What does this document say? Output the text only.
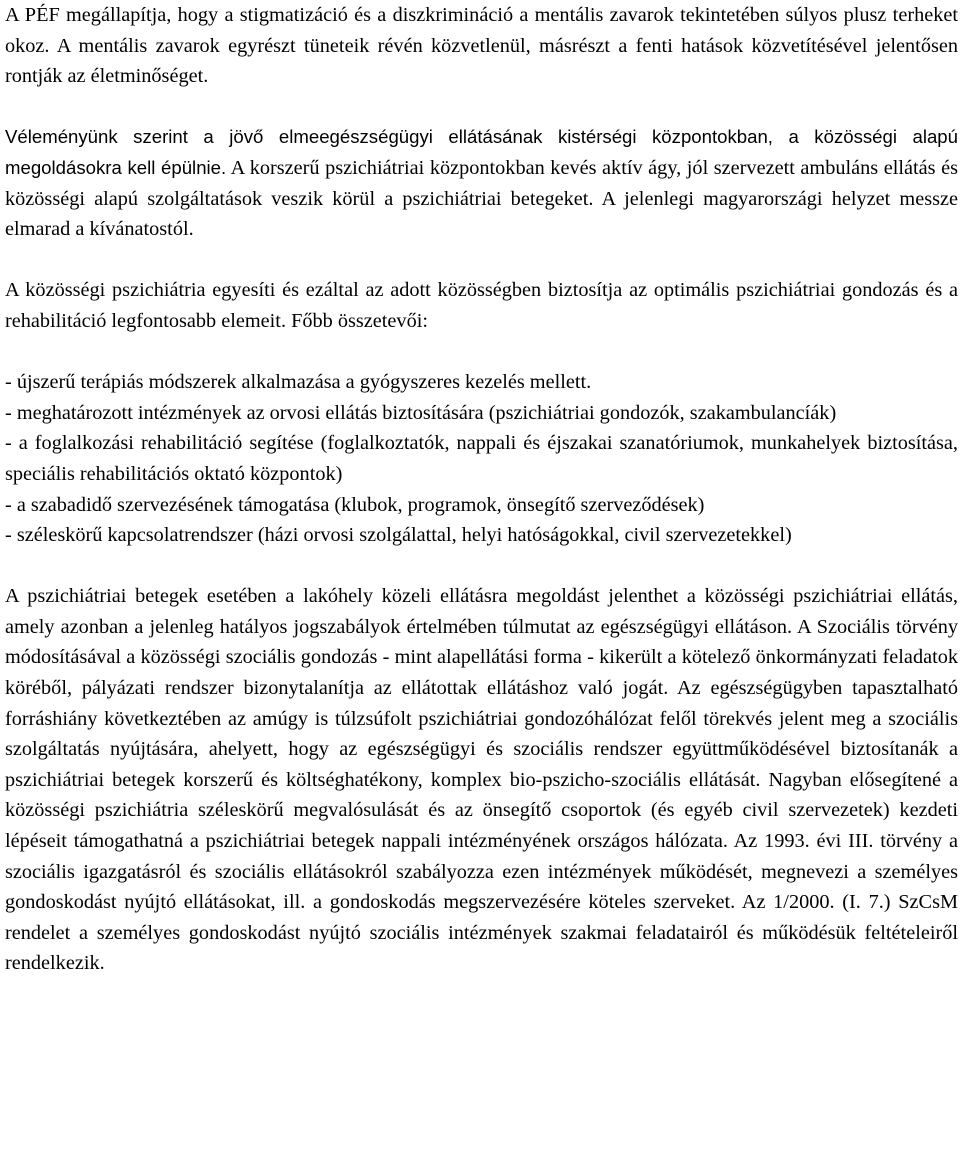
A PÉF megállapítja, hogy a stigmatizáció és a diszkrimináció a mentális zavarok tekintetében súlyos plusz terheket okoz. A mentális zavarok egyrészt tüneteik révén közvetlenül, másrészt a fenti hatások közvetítésével jelentősen rontják az életminőséget.

Véleményünk szerint a jövő elmeegészségügyi ellátásának kistérségi központokban, a közösségi alapú megoldásokra kell épülnie. A korszerű pszichiátriai központokban kevés aktív ágy, jól szervezett ambuláns ellátás és közösségi alapú szolgáltatások veszik körül a pszichiátriai betegeket. A jelenlegi magyarországi helyzet messze elmarad a kívánatostól.

A közösségi pszichiátria egyesíti és ezáltal az adott közösségben biztosítja az optimális pszichiátriai gondozás és a rehabilitáció legfontosabb elemeit. Főbb összetevői:

- újszerű terápiás módszerek alkalmazása a gyógyszeres kezelés mellett.
- meghatározott intézmények az orvosi ellátás biztosítására (pszichiátriai gondozók, szakambulancíák)
- a foglalkozási rehabilitáció segítése (foglalkoztatók, nappali és éjszakai szanatóriumok, munkahelyek biztosítása, speciális rehabilitációs oktató központok)
- a szabadidő szervezésének támogatása (klubok, programok, önsegítő szerveződések)
- széleskörű kapcsolatrendszer (házi orvosi szolgálattal, helyi hatóságokkal, civil szervezetekkel)

A pszichiátriai betegek esetében a lakóhely közeli ellátásra megoldást jelenthet a közösségi pszichiátriai ellátás, amely azonban a jelenleg hatályos jogszabályok értelmében túlmutat az egészségügyi ellátáson. A Szociális törvény módosításával a közösségi szociális gondozás - mint alapellátási forma - kikerült a kötelező önkormányzati feladatok köréből, pályázati rendszer bizonytalanítja az ellátottak ellátáshoz való jogát. Az egészségügyben tapasztalható forráshiány következtében az amúgy is túlzsúfolt pszichiátriai gondozóhálózat felől törekvés jelent meg a szociális szolgáltatás nyújtására, ahelyett, hogy az egészségügyi és szociális rendszer együttműködésével biztosítanák a pszichiátriai betegek korszerű és költséghatékony, komplex bio-pszicho-szociális ellátását. Nagyban elősegítené a közösségi pszichiátria széleskörű megvalósulását és az önsegítő csoportok (és egyéb civil szervezetek) kezdeti lépéseit támogathatná a pszichiátriai betegek nappali intézményének országos hálózata. Az 1993. évi III. törvény a szociális igazgatásról és szociális ellátásokról szabályozza ezen intézmények működését, megnevezi a személyes gondoskodást nyújtó ellátásokat, ill. a gondoskodás megszervezésére köteles szerveket. Az 1/2000. (I. 7.) SzCsM rendelet a személyes gondoskodást nyújtó szociális intézmények szakmai feladatairól és működésük feltételeiről rendelkezik.
